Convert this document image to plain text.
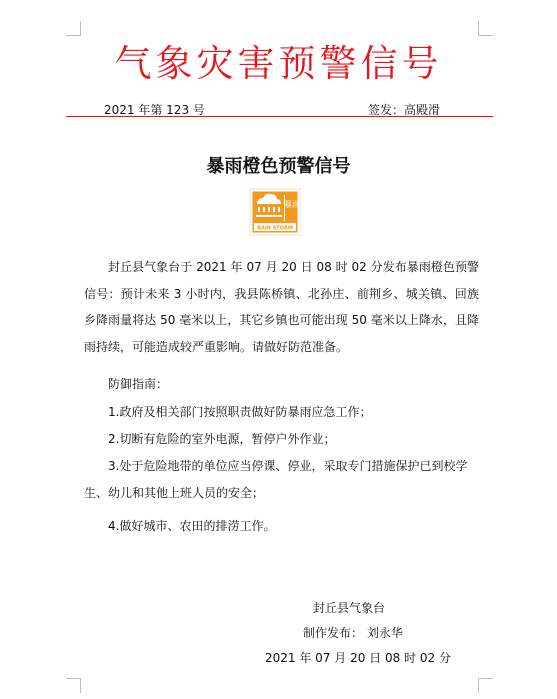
气象灾害预警信号
2021 年第 123 号	签发：高殿滑
暴雨橙色预警信号
暴雨
RAIN STORM

封丘县气象台于 2021 年 07 月 20 日 08 时 02 分发布暴雨橙色预警信号：预计未来 3 小时内，我县陈桥镇、北孙庄、前荆乡、城关镇、回族乡降雨量将达 50 毫米以上，其它乡镇也可能出现 50 毫米以上降水，且降雨持续，可能造成较严重影响。请做好防范准备。

防御指南：

1.政府及相关部门按照职责做好防暴雨应急工作；

2.切断有危险的室外电源，暂停户外作业；

3.处于危险地带的单位应当停课、停业，采取专门措施保护已到校学生、幼儿和其他上班人员的安全；

4.做好城市、农田的排涝工作。

封丘县气象台
制作发布： 刘永华
2021 年 07 月 20 日 08 时 02 分
